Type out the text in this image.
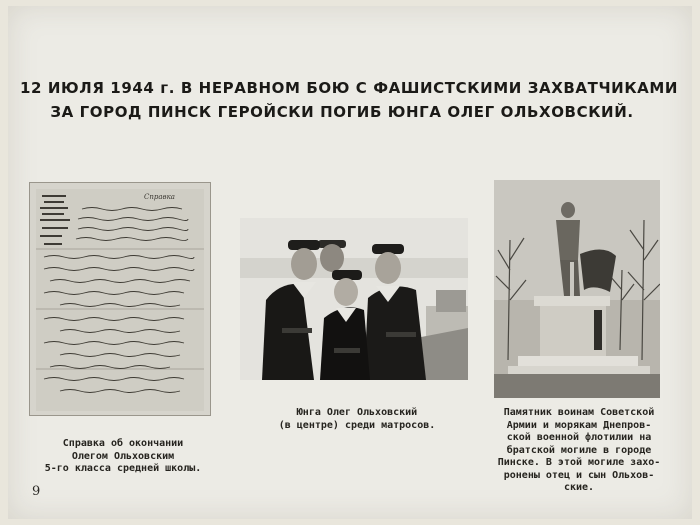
12 ИЮЛЯ 1944 г. В НЕРАВНОМ БОЮ С ФАШИСТСКИМИ ЗАХВАТЧИКАМИ
ЗА ГОРОД ПИНСК ГЕРОЙСКИ ПОГИБ ЮНГА ОЛЕГ ОЛЬХОВСКИЙ.
Справка
Справка об окончании
Олегом Ольховским
5-го класса средней школы.
Юнга Олег Ольховский
(в центре) среди матросов.
Памятник воинам Советской
Армии и морякам Днепров-
ской военной флотилии на
братской могиле в городе
Пинске. В этой могиле захо-
ронены отец и сын Ольхов-
ские.
9
